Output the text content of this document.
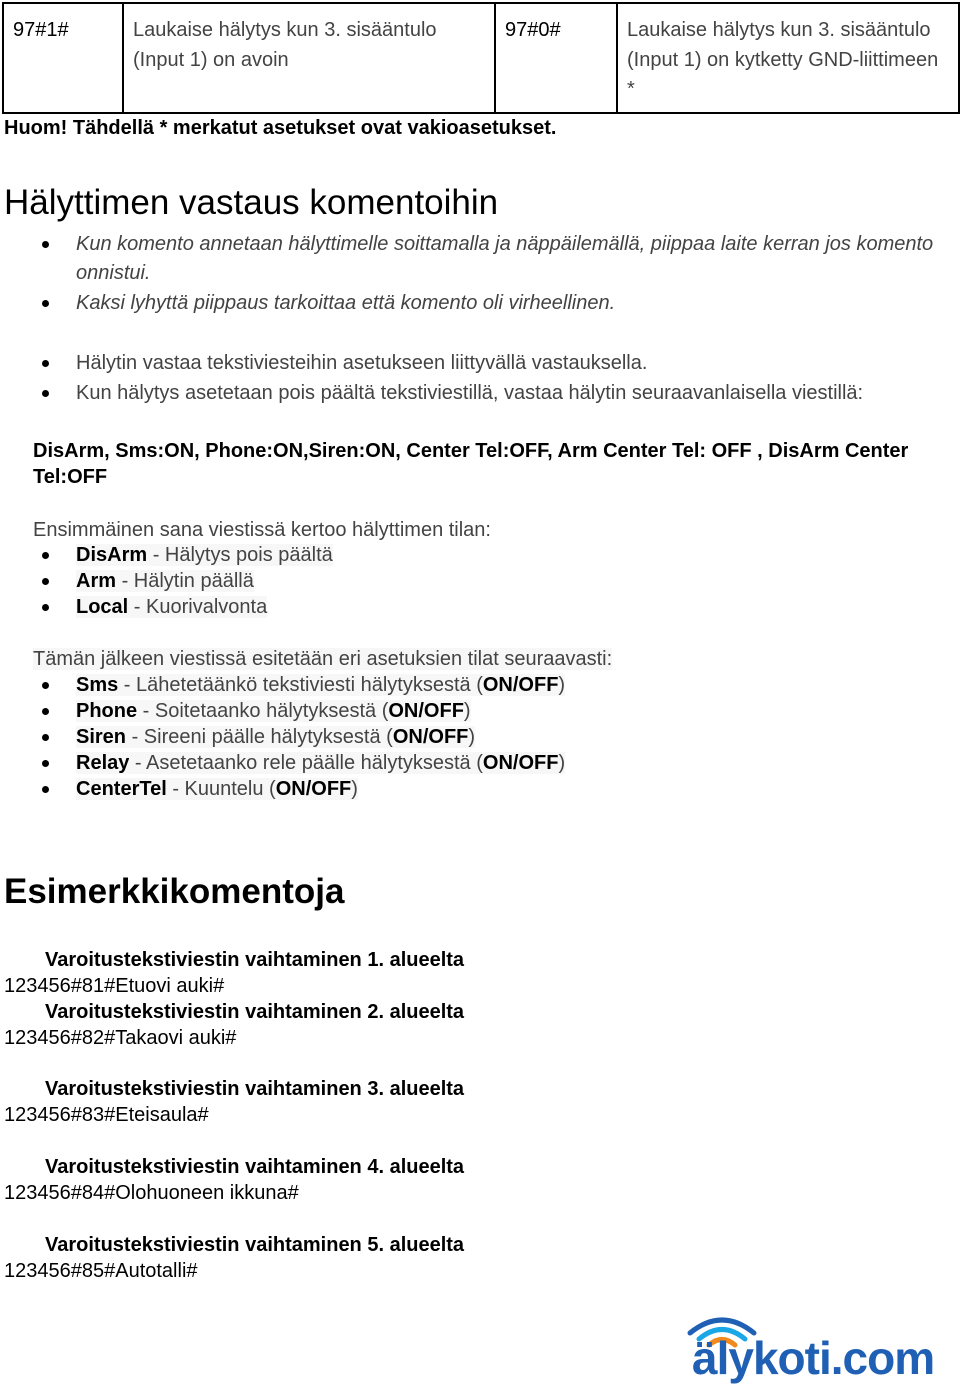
97#1#	Laukaise hälytys kun 3. sisääntulo (Input 1) on avoin	97#0#	Laukaise hälytys kun 3. sisääntulo (Input 1) on kytketty GND-liittimeen *
Huom! Tähdellä * merkatut asetukset ovat vakioasetukset.
Hälyttimen vastaus komentoihin
Kun komento annetaan hälyttimelle soittamalla ja näppäilemällä, piippaa laite kerran jos komento onnistui.
Kaksi lyhyttä piippaus tarkoittaa että komento oli virheellinen.
Hälytin vastaa tekstiviesteihin asetukseen liittyvällä vastauksella.
Kun hälytys asetetaan pois päältä tekstiviestillä, vastaa hälytin seuraavanlaisella viestillä:
DisArm, Sms:ON, Phone:ON,Siren:ON, Center Tel:OFF, Arm Center Tel: OFF , DisArm Center Tel:OFF
Ensimmäinen sana viestissä kertoo hälyttimen tilan:
DisArm - Hälytys pois päältä
Arm - Hälytin päällä
Local - Kuorivalvonta
Tämän jälkeen viestissä esitetään eri asetuksien tilat seuraavasti:
Sms - Lähetetäänkö tekstiviesti hälytyksestä (ON/OFF)
Phone - Soitetaanko hälytyksestä (ON/OFF)
Siren - Sireeni päälle hälytyksestä (ON/OFF)
Relay - Asetetaanko rele päälle hälytyksestä (ON/OFF)
CenterTel - Kuuntelu (ON/OFF)
Esimerkkikomentoja
Varoitustekstiviestin vaihtaminen 1. alueelta
123456#81#Etuovi auki#
Varoitustekstiviestin vaihtaminen 2. alueelta
123456#82#Takaovi auki#
Varoitustekstiviestin vaihtaminen 3. alueelta
123456#83#Eteisaula#
Varoitustekstiviestin vaihtaminen 4. alueelta
123456#84#Olohuoneen ikkuna#
Varoitustekstiviestin vaihtaminen 5. alueelta
123456#85#Autotalli#
älykoti.com
